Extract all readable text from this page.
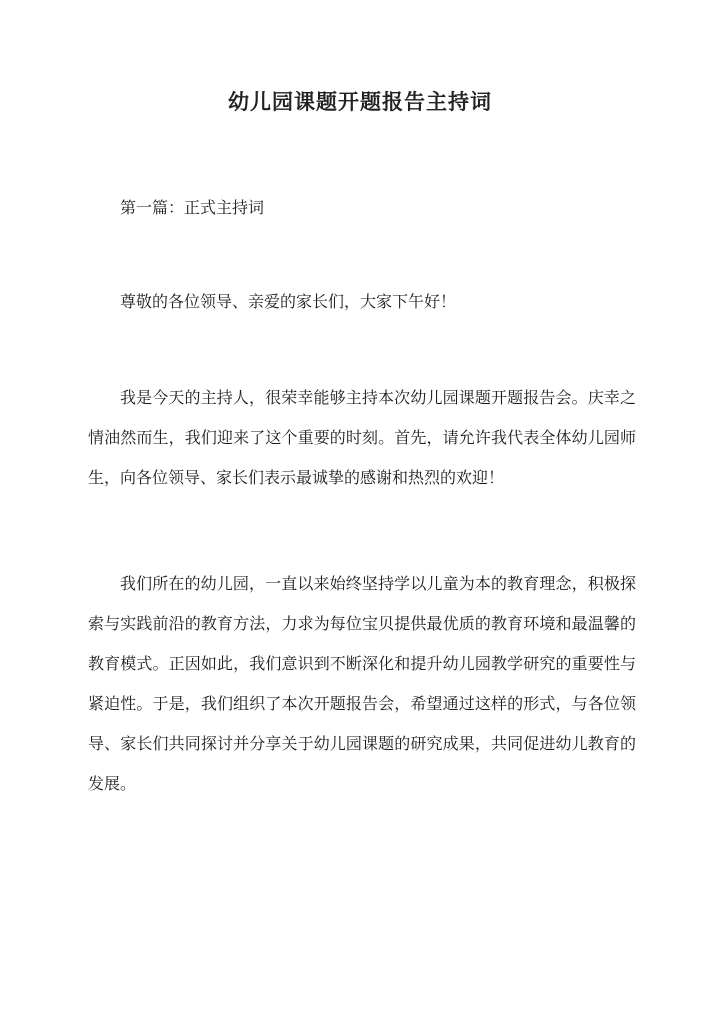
幼儿园课题开题报告主持词
第一篇：正式主持词
尊敬的各位领导、亲爱的家长们，大家下午好！
我是今天的主持人，很荣幸能够主持本次幼儿园课题开题报告会。庆幸之情油然而生，我们迎来了这个重要的时刻。首先，请允许我代表全体幼儿园师生，向各位领导、家长们表示最诚挚的感谢和热烈的欢迎！
我们所在的幼儿园，一直以来始终坚持学以儿童为本的教育理念，积极探索与实践前沿的教育方法，力求为每位宝贝提供最优质的教育环境和最温馨的教育模式。正因如此，我们意识到不断深化和提升幼儿园教学研究的重要性与紧迫性。于是，我们组织了本次开题报告会，希望通过这样的形式，与各位领导、家长们共同探讨并分享关于幼儿园课题的研究成果，共同促进幼儿教育的发展。
